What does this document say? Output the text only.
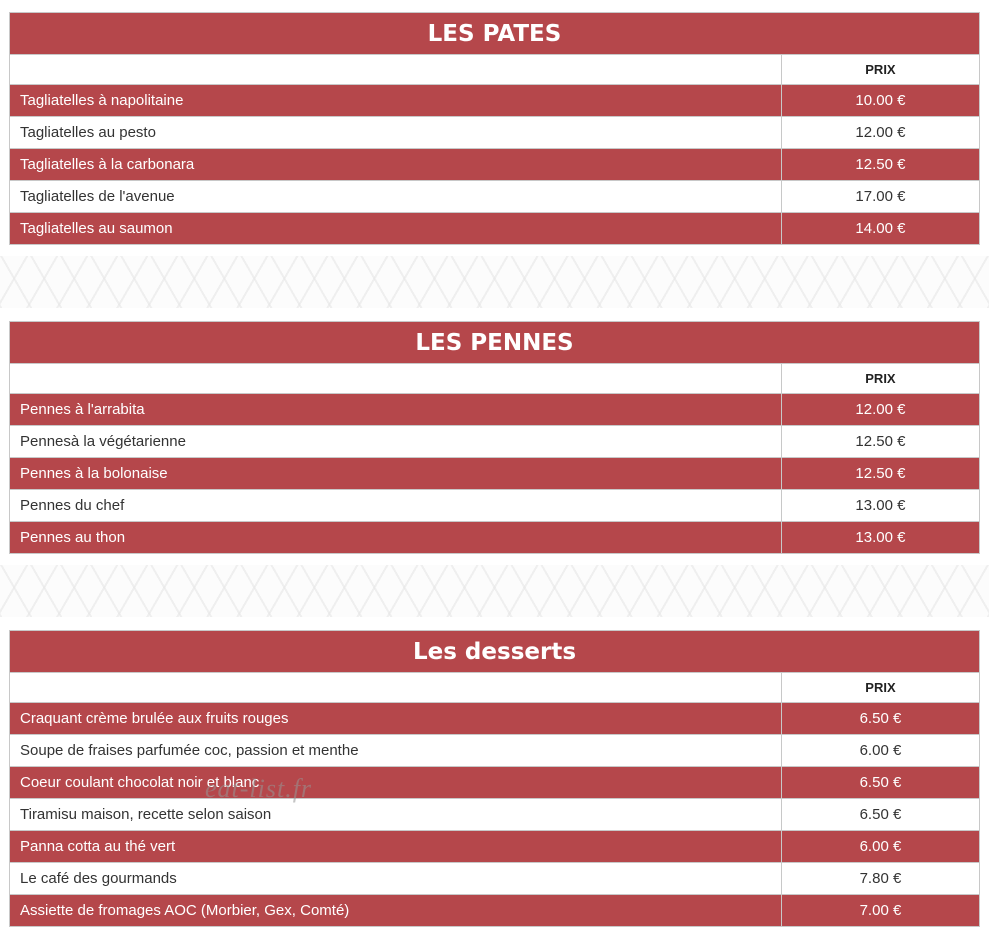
LES PATES	
	PRIX
Tagliatelles à napolitaine	10.00 €
Tagliatelles au pesto	12.00 €
Tagliatelles à la carbonara	12.50 €
Tagliatelles de l'avenue	17.00 €
Tagliatelles au saumon	14.00 €
LES PENNES	
	PRIX
Pennes à l'arrabita	12.00 €
Pennesà la végétarienne	12.50 €
Pennes à la bolonaise	12.50 €
Pennes du chef	13.00 €
Pennes au thon	13.00 €
Les desserts	
	PRIX
Craquant crème brulée aux fruits rouges	6.50 €
Soupe de fraises parfumée coc, passion et menthe	6.00 €
Coeur coulant chocolat noir et blanc	6.50 €
Tiramisu maison, recette selon saison	6.50 €
Panna cotta au thé vert	6.00 €
Le café des gourmands	7.80 €
Assiette de fromages AOC (Morbier, Gex, Comté)	7.00 €
eat-list.fr
